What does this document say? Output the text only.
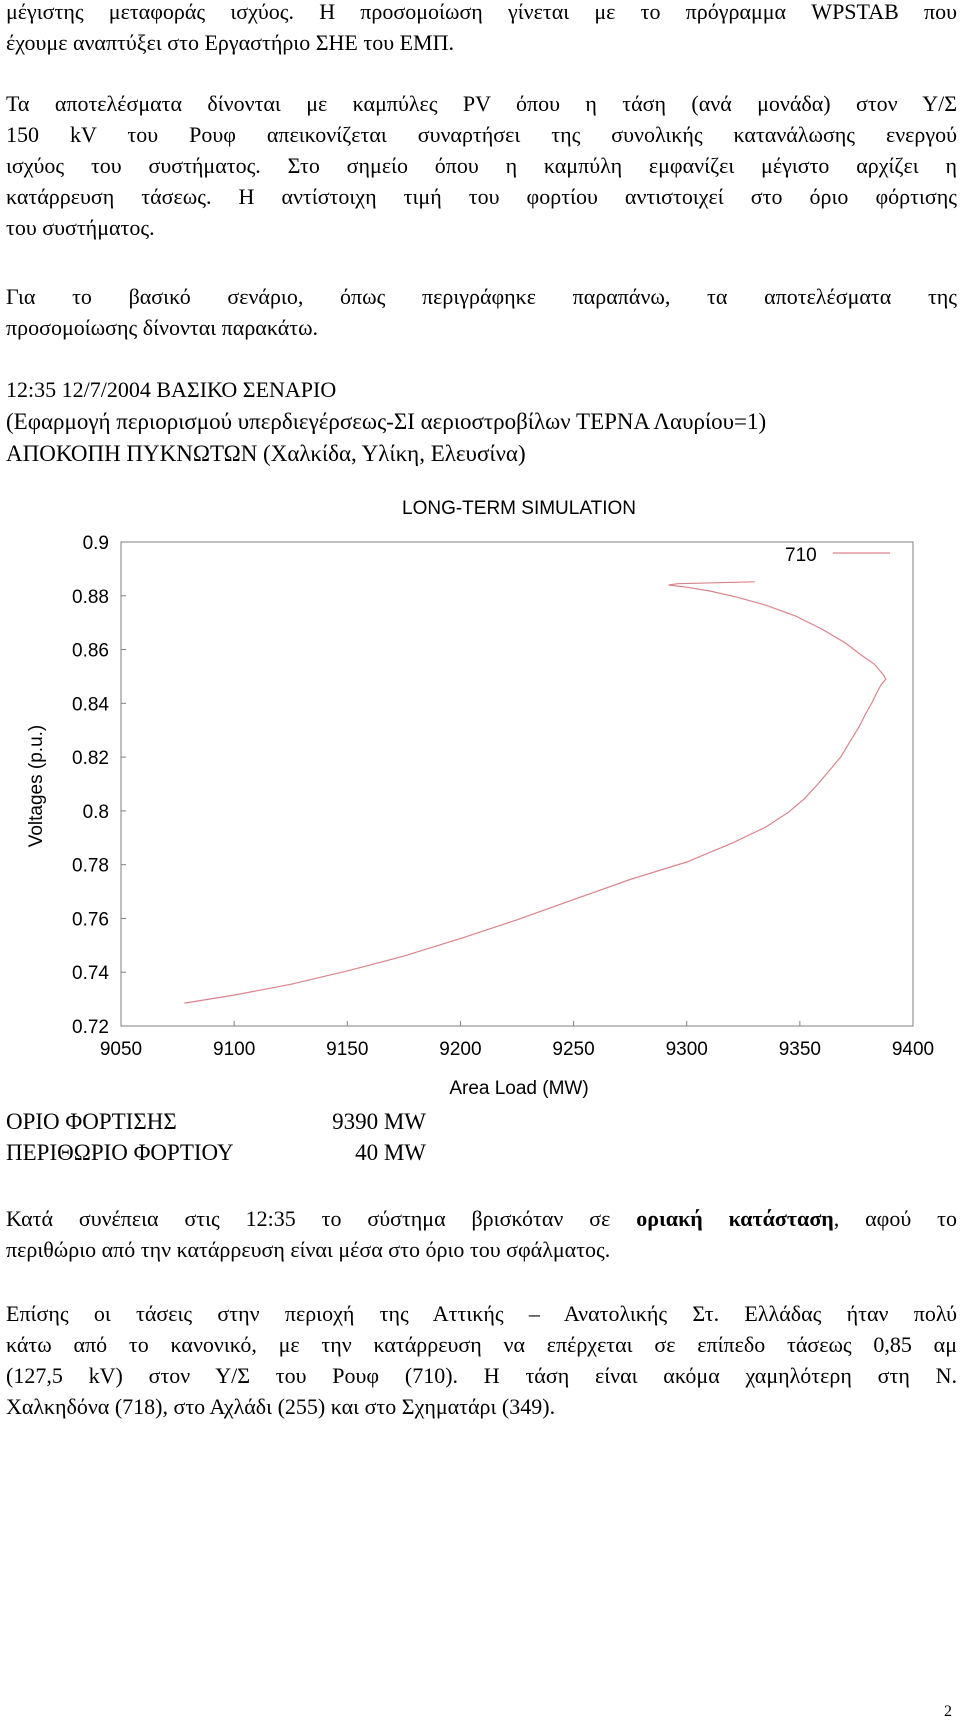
μέγιστης μεταφοράς ισχύος. Η προσομοίωση γίνεται με το πρόγραμμα WPSTAB που
έχουμε αναπτύξει στο Εργαστήριο ΣΗΕ του ΕΜΠ.

Τα αποτελέσματα δίνονται με καμπύλες PV όπου η τάση (ανά μονάδα) στον Υ/Σ
150 kV του Ρουφ απεικονίζεται συναρτήσει της συνολικής κατανάλωσης ενεργού
ισχύος του συστήματος. Στο σημείο όπου η καμπύλη εμφανίζει μέγιστο αρχίζει η
κατάρρευση τάσεως. Η αντίστοιχη τιμή του φορτίου αντιστοιχεί στο όριο φόρτισης
του συστήματος.

Για το βασικό σενάριο, όπως περιγράφηκε παραπάνω, τα αποτελέσματα της
προσομοίωσης δίνονται παρακάτω.

12:35 12/7/2004 ΒΑΣΙΚΟ ΣΕΝΑΡΙΟ
(Εφαρμογή περιορισμού υπερδιεγέρσεως-ΣΙ αεριοστροβίλων ΤΕΡΝΑ Λαυρίου=1)
ΑΠΟΚΟΠΗ ΠΥΚΝΩΤΩΝ (Χαλκίδα, Υλίκη, Ελευσίνα)
LONG-TERM SIMULATION
0.72
0.74
0.76
0.78
0.8
0.82
0.84
0.86
0.88
0.9
9050	9100	9150	9200	9250	9300	9350	9400
710
Area Load (MW)
Voltages (p.u.)
ΟΡΙΟ ΦΟΡΤΙΣΗΣ	9390 MW
ΠΕΡΙΘΩΡΙΟ ΦΟΡΤΙΟΥ	40 MW

Κατά συνέπεια στις 12:35 το σύστημα βρισκόταν σε οριακή κατάσταση, αφού το
περιθώριο από την κατάρρευση είναι μέσα στο όριο του σφάλματος.

Επίσης οι τάσεις στην περιοχή της Αττικής – Ανατολικής Στ. Ελλάδας ήταν πολύ
κάτω από το κανονικό, με την κατάρρευση να επέρχεται σε επίπεδο τάσεως 0,85 αμ
(127,5 kV) στον Υ/Σ του Ρουφ (710). Η τάση είναι ακόμα χαμηλότερη στη Ν.
Χαλκηδόνα (718), στο Αχλάδι (255) και στο Σχηματάρι (349).

2
